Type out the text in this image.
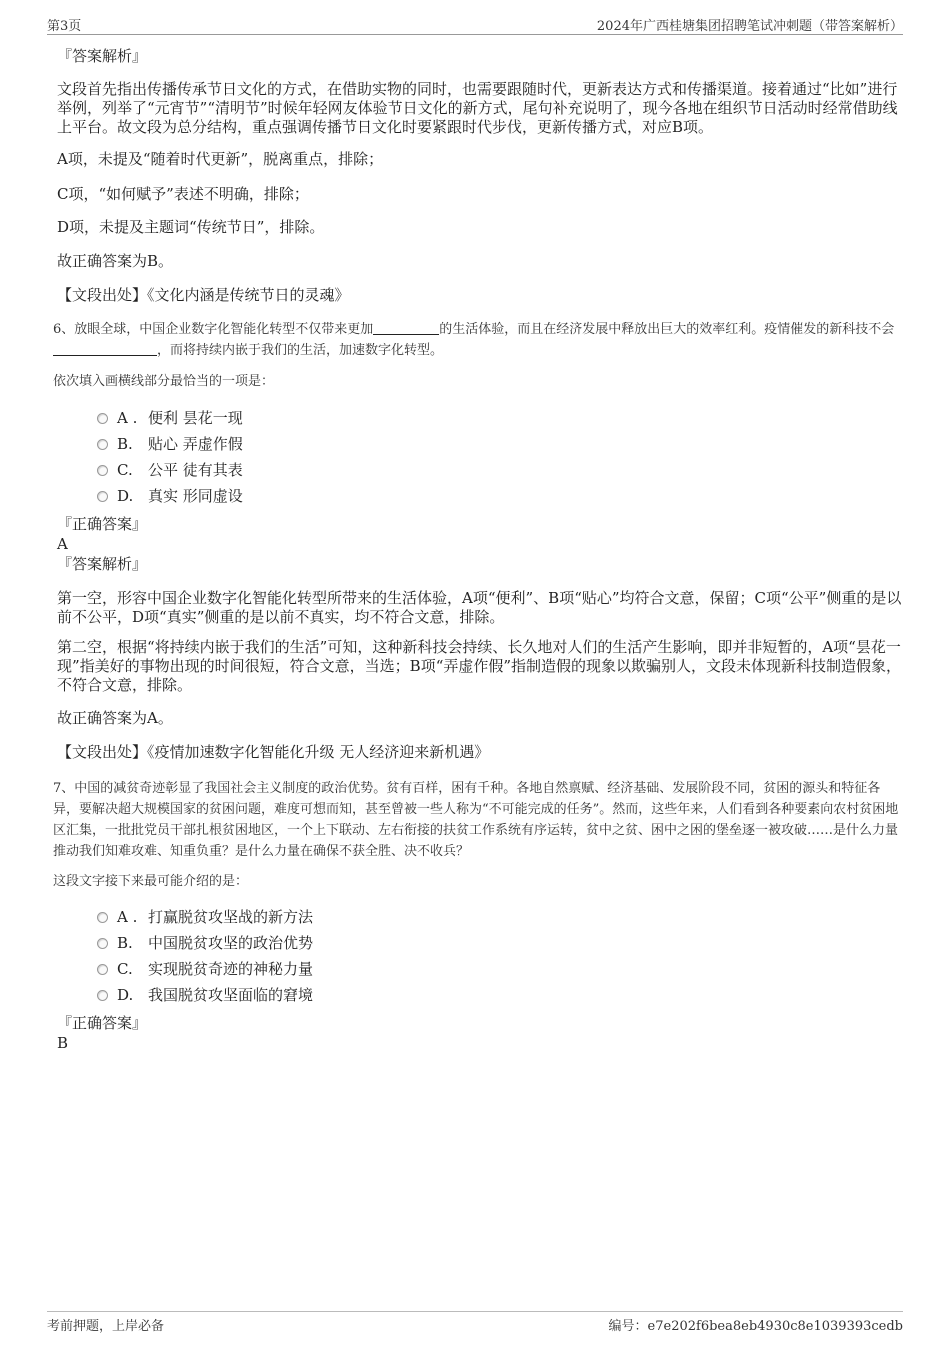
第3页	2024年广西桂塘集团招聘笔试冲刺题（带答案解析）
『答案解析』
文段首先指出传播传承节日文化的方式，在借助实物的同时，也需要跟随时代，更新表达方式和传播渠道。接着通过“比如”进行举例，列举了“元宵节”“清明节”时候年轻网友体验节日文化的新方式，尾句补充说明了，现今各地在组织节日活动时经常借助线上平台。故文段为总分结构，重点强调传播节日文化时要紧跟时代步伐，更新传播方式，对应B项。
A项，未提及“随着时代更新”，脱离重点，排除；
C项，“如何赋予”表述不明确，排除；
D项，未提及主题词“传统节日”，排除。
故正确答案为B。
【文段出处】《文化内涵是传统节日的灵魂》
6、放眼全球，中国企业数字化智能化转型不仅带来更加	的生活体验，而且在经济发展中释放出巨大的效率红利。疫情催发的新科技不会，而将持续内嵌于我们的生活，加速数字化转型。
依次填入画横线部分最恰当的一项是：
A . 便利 昙花一现
B. 贴心 弄虚作假
C. 公平 徒有其表
D. 真实 形同虚设
『正确答案』
A
『答案解析』
第一空，形容中国企业数字化智能化转型所带来的生活体验，A项“便利”、B项“贴心”均符合文意，保留；C项“公平”侧重的是以前不公平，D项“真实”侧重的是以前不真实，均不符合文意，排除。
第二空，根据“将持续内嵌于我们的生活”可知，这种新科技会持续、长久地对人们的生活产生影响，即并非短暂的，A项“昙花一现”指美好的事物出现的时间很短，符合文意，当选；B项“弄虚作假”指制造假的现象以欺骗别人，文段未体现新科技制造假象，不符合文意，排除。
故正确答案为A。
【文段出处】《疫情加速数字化智能化升级 无人经济迎来新机遇》
7、中国的减贫奇迹彰显了我国社会主义制度的政治优势。贫有百样，困有千种。各地自然禀赋、经济基础、发展阶段不同，贫困的源头和特征各异，要解决超大规模国家的贫困问题，难度可想而知，甚至曾被一些人称为“不可能完成的任务”。然而，这些年来，人们看到各种要素向农村贫困地区汇集，一批批党员干部扎根贫困地区，一个上下联动、左右衔接的扶贫工作系统有序运转，贫中之贫、困中之困的堡垒逐一被攻破……是什么力量推动我们知难攻难、知重负重？是什么力量在确保不获全胜、决不收兵？
这段文字接下来最可能介绍的是：
A . 打赢脱贫攻坚战的新方法
B. 中国脱贫攻坚的政治优势
C. 实现脱贫奇迹的神秘力量
D. 我国脱贫攻坚面临的窘境
『正确答案』
B
考前押题，上岸必备	编号：e7e202f6bea8eb4930c8e1039393cedb
